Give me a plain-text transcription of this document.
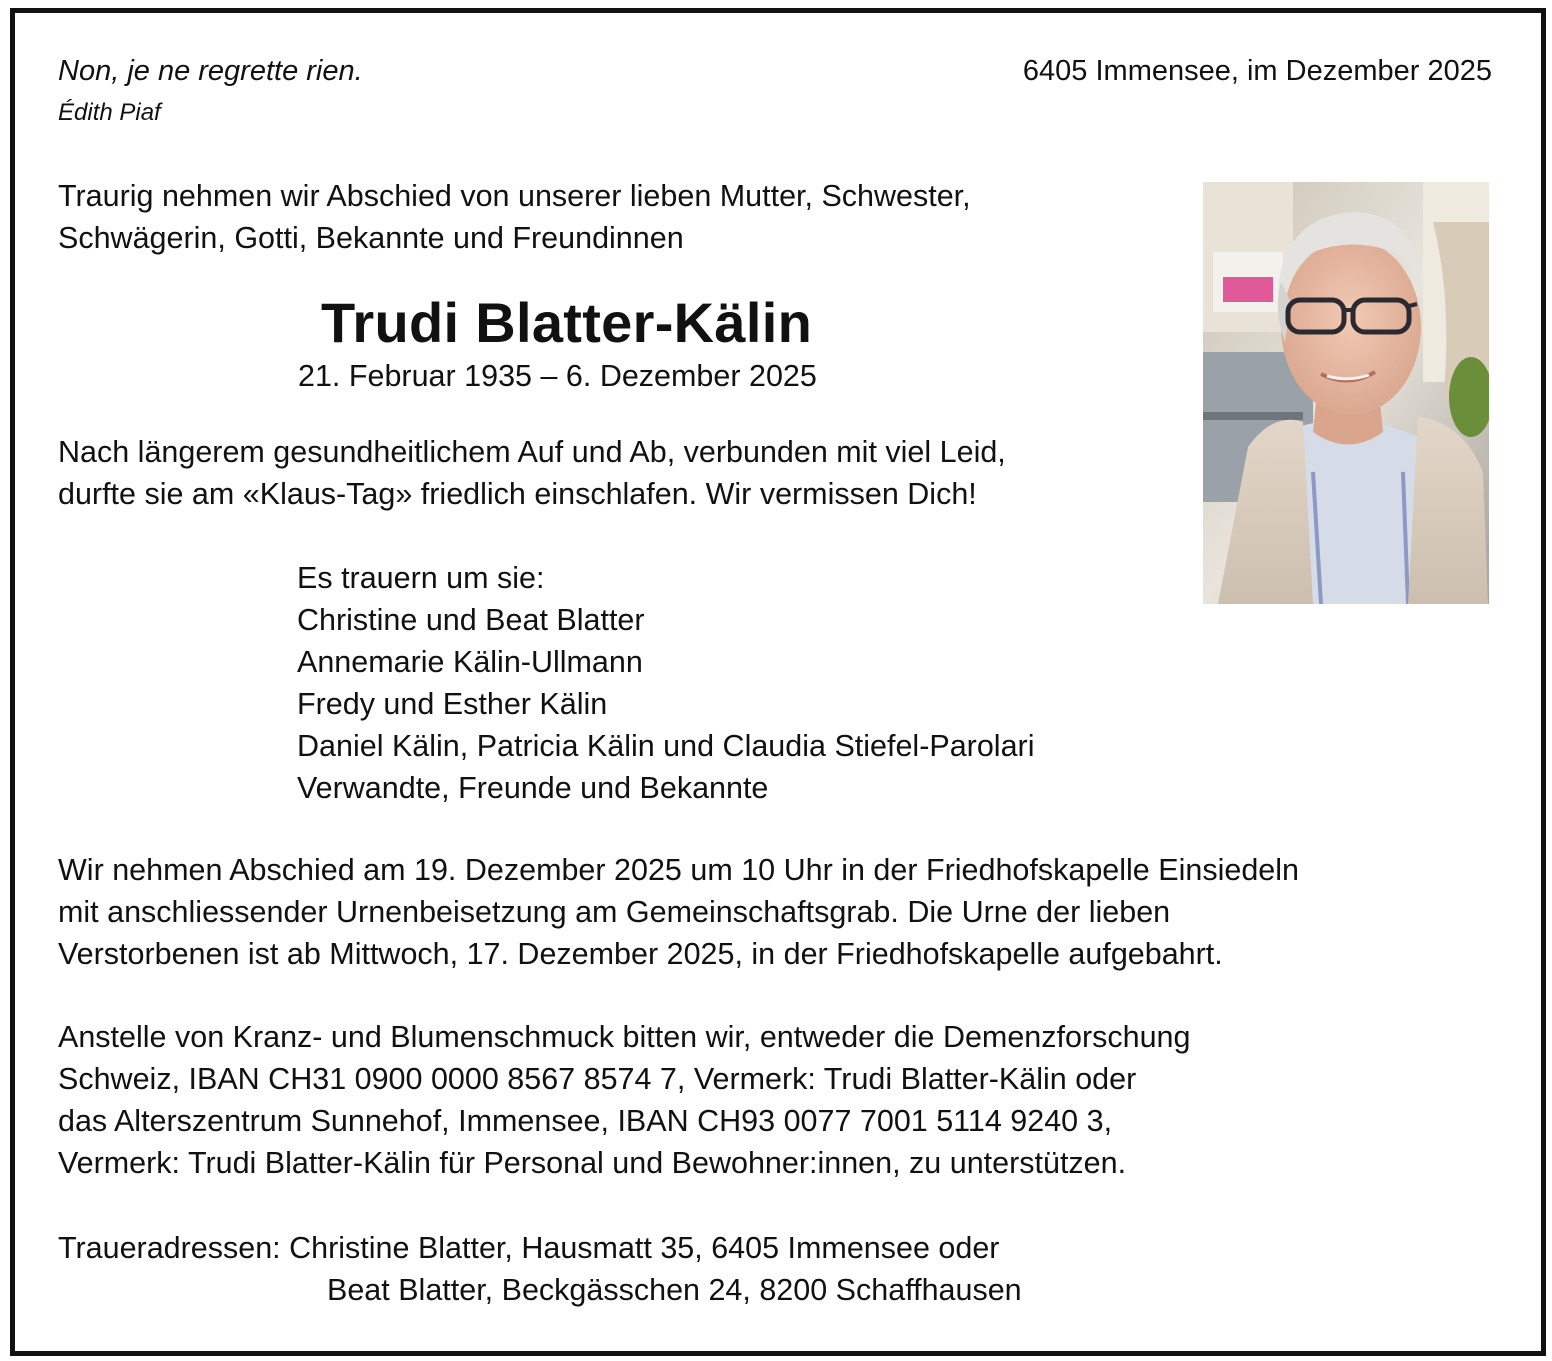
Non, je ne regrette rien.
Édith Piaf
6405 Immensee, im Dezember 2025
Traurig nehmen wir Abschied von unserer lieben Mutter, Schwester,
Schwägerin, Gotti, Bekannte und Freundinnen
Trudi Blatter-Kälin
21. Februar 1935 – 6. Dezember 2025
Nach längerem gesundheitlichem Auf und Ab, verbunden mit viel Leid,
durfte sie am «Klaus-Tag» friedlich einschlafen. Wir vermissen Dich!
Es trauern um sie:
Christine und Beat Blatter
Annemarie Kälin-Ullmann
Fredy und Esther Kälin
Daniel Kälin, Patricia Kälin und Claudia Stiefel-Parolari
Verwandte, Freunde und Bekannte
Wir nehmen Abschied am 19. Dezember 2025 um 10 Uhr in der Friedhofskapelle Einsiedeln
mit anschliessender Urnenbeisetzung am Gemeinschaftsgrab. Die Urne der lieben
Verstorbenen ist ab Mittwoch, 17. Dezember 2025, in der Friedhofskapelle aufgebahrt.
Anstelle von Kranz- und Blumenschmuck bitten wir, entweder die Demenzforschung
Schweiz, IBAN CH31 0900 0000 8567 8574 7, Vermerk: Trudi Blatter-Kälin oder
das Alterszentrum Sunnehof, Immensee, IBAN CH93 0077 7001 5114 9240 3,
Vermerk: Trudi Blatter-Kälin für Personal und Bewohner:innen, zu unterstützen.
Traueradressen: Christine Blatter, Hausmatt 35, 6405 Immensee oder
Beat Blatter, Beckgässchen 24, 8200 Schaffhausen
